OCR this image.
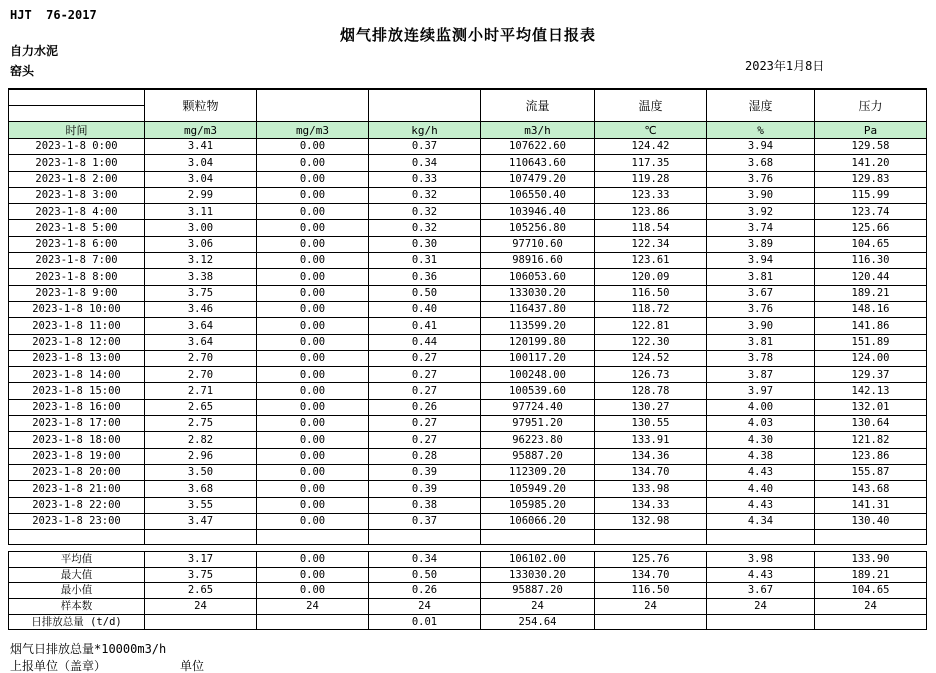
HJT  76-2017
烟气排放连续监测小时平均值日报表
自力水泥
窑头	2023年1月8日
	颗粒物			流量	温度	湿度	压力
时间	mg/m3	mg/m3	kg/h	m3/h	℃	%	Pa
2023-1-8 0:00	3.41	0.00	0.37	107622.60	124.42	3.94	129.58
2023-1-8 1:00	3.04	0.00	0.34	110643.60	117.35	3.68	141.20
2023-1-8 2:00	3.04	0.00	0.33	107479.20	119.28	3.76	129.83
2023-1-8 3:00	2.99	0.00	0.32	106550.40	123.33	3.90	115.99
2023-1-8 4:00	3.11	0.00	0.32	103946.40	123.86	3.92	123.74
2023-1-8 5:00	3.00	0.00	0.32	105256.80	118.54	3.74	125.66
2023-1-8 6:00	3.06	0.00	0.30	97710.60	122.34	3.89	104.65
2023-1-8 7:00	3.12	0.00	0.31	98916.60	123.61	3.94	116.30
2023-1-8 8:00	3.38	0.00	0.36	106053.60	120.09	3.81	120.44
2023-1-8 9:00	3.75	0.00	0.50	133030.20	116.50	3.67	189.21
2023-1-8 10:00	3.46	0.00	0.40	116437.80	118.72	3.76	148.16
2023-1-8 11:00	3.64	0.00	0.41	113599.20	122.81	3.90	141.86
2023-1-8 12:00	3.64	0.00	0.44	120199.80	122.30	3.81	151.89
2023-1-8 13:00	2.70	0.00	0.27	100117.20	124.52	3.78	124.00
2023-1-8 14:00	2.70	0.00	0.27	100248.00	126.73	3.87	129.37
2023-1-8 15:00	2.71	0.00	0.27	100539.60	128.78	3.97	142.13
2023-1-8 16:00	2.65	0.00	0.26	97724.40	130.27	4.00	132.01
2023-1-8 17:00	2.75	0.00	0.27	97951.20	130.55	4.03	130.64
2023-1-8 18:00	2.82	0.00	0.27	96223.80	133.91	4.30	121.82
2023-1-8 19:00	2.96	0.00	0.28	95887.20	134.36	4.38	123.86
2023-1-8 20:00	3.50	0.00	0.39	112309.20	134.70	4.43	155.87
2023-1-8 21:00	3.68	0.00	0.39	105949.20	133.98	4.40	143.68
2023-1-8 22:00	3.55	0.00	0.38	105985.20	134.33	4.43	141.31
2023-1-8 23:00	3.47	0.00	0.37	106066.20	132.98	4.34	130.40

平均值	3.17	0.00	0.34	106102.00	125.76	3.98	133.90
最大值	3.75	0.00	0.50	133030.20	134.70	4.43	189.21
最小值	2.65	0.00	0.26	95887.20	116.50	3.67	104.65
样本数	24	24	24	24	24	24	24
日排放总量 (t/d)			0.01	254.64			
烟气日排放总量*10000m3/h
上报单位（盖章）	单位
